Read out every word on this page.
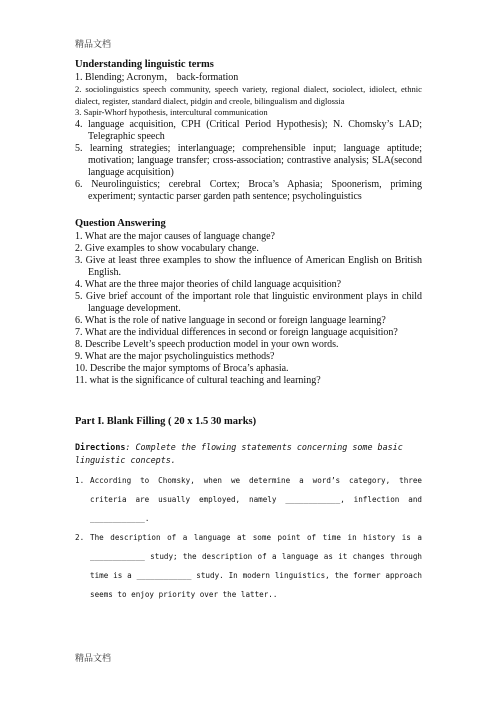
精品文档

Understanding linguistic terms

1. Blending; Acronym， back-formation

2. sociolinguistics speech community, speech variety, regional dialect, sociolect, idiolect, ethnic dialect, register, standard dialect, pidgin and creole, bilingualism and diglossia

3. Sapir-Whorf hypothesis, intercultural communication

4. language acquisition, CPH (Critical Period Hypothesis); N. Chomsky’s LAD; Telegraphic speech

5. learning strategies; interlanguage; comprehensible input; language aptitude; motivation; language transfer; cross-association; contrastive analysis; SLA(second language acquisition)

6. Neurolinguistics; cerebral Cortex; Broca’s Aphasia; Spoonerism, priming experiment; syntactic parser garden path sentence; psycholinguistics

Question Answering

1. What are the major causes of language change?

2. Give examples to show vocabulary change.

3. Give at least three examples to show the influence of American English on British English.

4. What are the three major theories of child language acquisition?

5. Give brief account of the important role that linguistic environment plays in child language development.

6. What is the role of native language in second or foreign language learning?

7. What are the individual differences in second or foreign language acquisition?

8. Describe Levelt’s speech production model in your own words.

9. What are the major psycholinguistics methods?

10. Describe the major symptoms of Broca’s aphasia.

11. what is the significance of cultural teaching and learning?

Part I. Blank Filling ( 20 x 1.5 30 marks)

Directions: Complete the flowing statements concerning some basic linguistic concepts.

1. According to Chomsky, when we determine a word’s category, three criteria are usually employed, namely ____________, inflection and ____________.

2. The description of a language at some point of time in history is a ____________ study; the description of a language as it changes through time is a ____________ study. In modern linguistics, the former approach seems to enjoy priority over the latter..

精品文档
